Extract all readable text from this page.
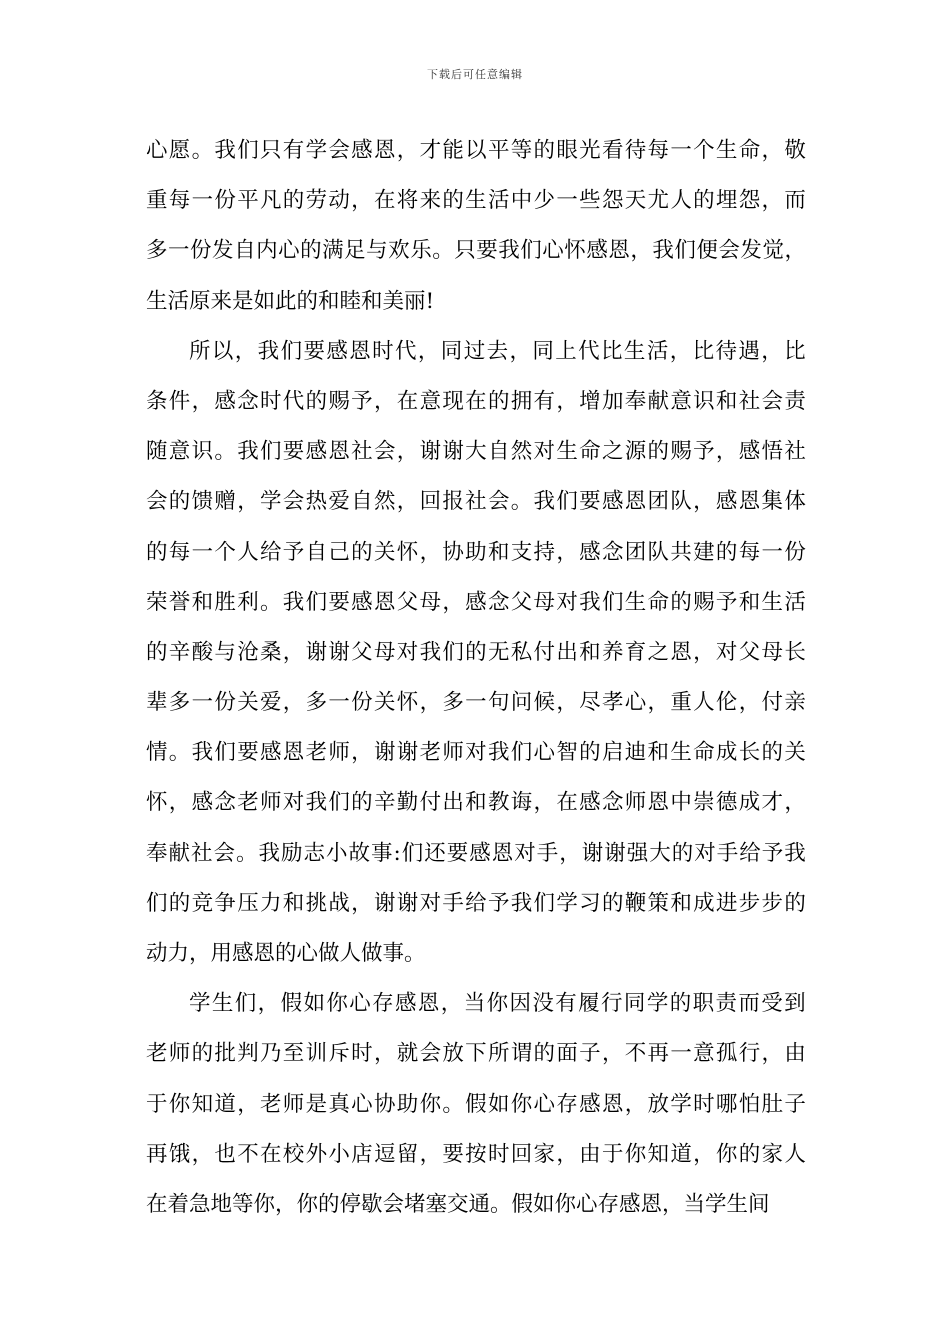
下载后可任意编辑
心 愿 。 我 们 只 有 学 会 感 恩 ， 才 能 以 平 等 的 眼 光 看 待 每 一 个 生 命 ， 敬
重 每 一 份 平 凡 的 劳 动 ， 在 将 来 的 生 活 中 少 一 些 怨 天 尤 人 的 埋 怨 ， 而
多 一 份 发 自 内 心 的 满 足 与 欢 乐 。 只 要 我 们 心 怀 感 恩 ， 我 们 便 会 发 觉 ，
生活原来是如此的和睦和美丽!
所 以 ， 我 们 要 感 恩 时 代 ， 同 过 去 ， 同 上 代 比 生 活 ， 比 待 遇 ， 比
条 件 ， 感 念 时 代 的 赐 予 ， 在 意 现 在 的 拥 有 ， 增 加 奉 献 意 识 和 社 会 责
随 意 识 。 我 们 要 感 恩 社 会 ， 谢 谢 大 自 然 对 生 命 之 源 的 赐 予 ， 感 悟 社
会 的 馈 赠 ， 学 会 热 爱 自 然 ， 回 报 社 会 。 我 们 要 感 恩 团 队 ， 感 恩 集 体
的 每 一 个 人 给 予 自 己 的 关 怀 ， 协 助 和 支 持 ， 感 念 团 队 共 建 的 每 一 份
荣 誉 和 胜 利 。 我 们 要 感 恩 父 母 ， 感 念 父 母 对 我 们 生 命 的 赐 予 和 生 活
的 辛 酸 与 沧 桑 ， 谢 谢 父 母 对 我 们 的 无 私 付 出 和 养 育 之 恩 ， 对 父 母 长
辈 多 一 份 关 爱 ， 多 一 份 关 怀 ， 多 一 句 问 候 ， 尽 孝 心 ， 重 人 伦 ， 付 亲
情 。 我 们 要 感 恩 老 师 ， 谢 谢 老 师 对 我 们 心 智 的 启 迪 和 生 命 成 长 的 关
怀 ， 感 念 老 师 对 我 们 的 辛 勤 付 出 和 教 诲 ， 在 感 念 师 恩 中 崇 德 成 才 ，
奉 献 社 会 。 我 励 志 小 故 事 : 们 还 要 感 恩 对 手 ， 谢 谢 强 大 的 对 手 给 予 我
们 的 竞 争 压 力 和 挑 战 ， 谢 谢 对 手 给 予 我 们 学 习 的 鞭 策 和 成 进 步 步 的
动力，用感恩的心做人做事。
学 生 们 ， 假 如 你 心 存 感 恩 ， 当 你 因 没 有 履 行 同 学 的 职 责 而 受 到
老 师 的 批 判 乃 至 训 斥 时 ， 就 会 放 下 所 谓 的 面 子 ， 不 再 一 意 孤 行 ， 由
于 你 知 道 ， 老 师 是 真 心 协 助 你 。 假 如 你 心 存 感 恩 ， 放 学 时 哪 怕 肚 子
再 饿 ， 也 不 在 校 外 小 店 逗 留 ， 要 按 时 回 家 ， 由 于 你 知 道 ， 你 的 家 人
在着急地等你，你的停歇会堵塞交通。假如你心存感恩，当学生间
